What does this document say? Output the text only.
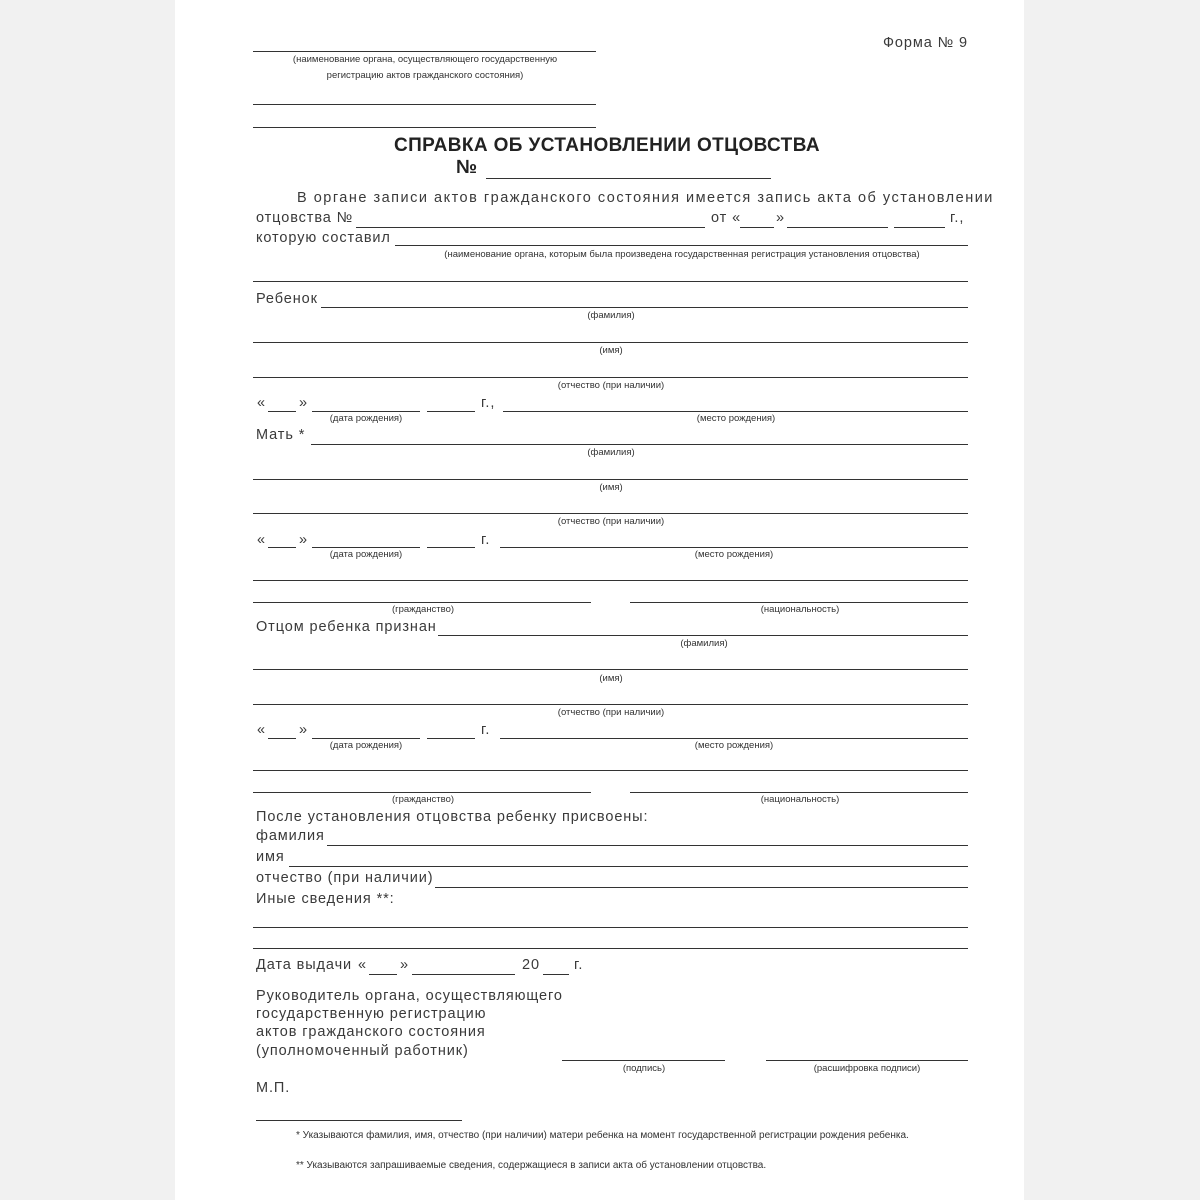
Форма № 9
(наименование органа, осуществляющего государственную
регистрацию актов гражданского состояния)
СПРАВКА ОБ УСТАНОВЛЕНИИ ОТЦОВСТВА
№
В органе записи актов гражданского состояния имеется запись акта об установлении
отцовства №	от « »	г.,
которую составил
(наименование органа, которым была произведена государственная регистрация установления отцовства)
Ребенок
(фамилия)
(имя)
(отчество (при наличии)
« »	г.,
(дата рождения)	(место рождения)
Мать *
(фамилия)
(имя)
(отчество (при наличии)
« »	г.
(дата рождения)	(место рождения)
(гражданство)	(национальность)
Отцом ребенка признан
(фамилия)
(имя)
(отчество (при наличии)
« »	г.
(дата рождения)	(место рождения)
(гражданство)	(национальность)
После установления отцовства ребенку присвоены:
фамилия
имя
отчество (при наличии)
Иные сведения **:
Дата выдачи « »	20 г.
Руководитель органа, осуществляющего
государственную регистрацию
актов гражданского состояния
(уполномоченный работник)
(подпись)	(расшифровка подписи)
М.П.
* Указываются фамилия, имя, отчество (при наличии) матери ребенка на момент государственной регистрации рождения ребенка.
** Указываются запрашиваемые сведения, содержащиеся в записи акта об установлении отцовства.
